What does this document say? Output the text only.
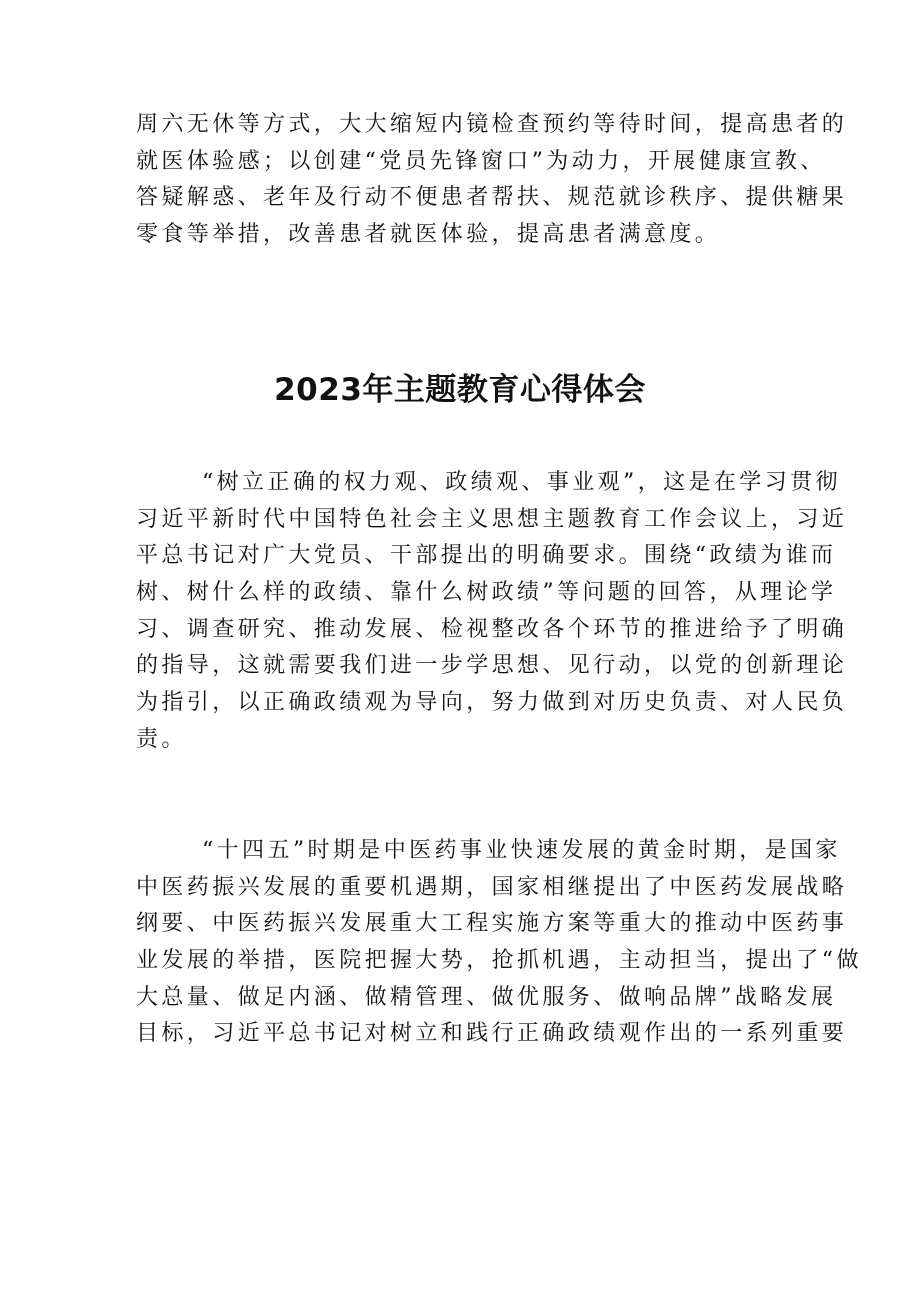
周六无休等方式，大大缩短内镜检查预约等待时间，提高患者的
就医体验感；以创建“党员先锋窗口”为动力，开展健康宣教、
答疑解惑、老年及行动不便患者帮扶、规范就诊秩序、提供糖果
零食等举措，改善患者就医体验，提高患者满意度。
2023年主题教育心得体会
“树立正确的权力观、政绩观、事业观”，这是在学习贯彻
习近平新时代中国特色社会主义思想主题教育工作会议上，习近
平总书记对广大党员、干部提出的明确要求。围绕“政绩为谁而
树、树什么样的政绩、靠什么树政绩”等问题的回答，从理论学
习、调查研究、推动发展、检视整改各个环节的推进给予了明确
的指导，这就需要我们进一步学思想、见行动，以党的创新理论
为指引，以正确政绩观为导向，努力做到对历史负责、对人民负
责。
“十四五”时期是中医药事业快速发展的黄金时期，是国家
中医药振兴发展的重要机遇期，国家相继提出了中医药发展战略
纲要、中医药振兴发展重大工程实施方案等重大的推动中医药事
业发展的举措，医院把握大势，抢抓机遇，主动担当，提出了“做
大总量、做足内涵、做精管理、做优服务、做响品牌”战略发展
目标，习近平总书记对树立和践行正确政绩观作出的一系列重要
